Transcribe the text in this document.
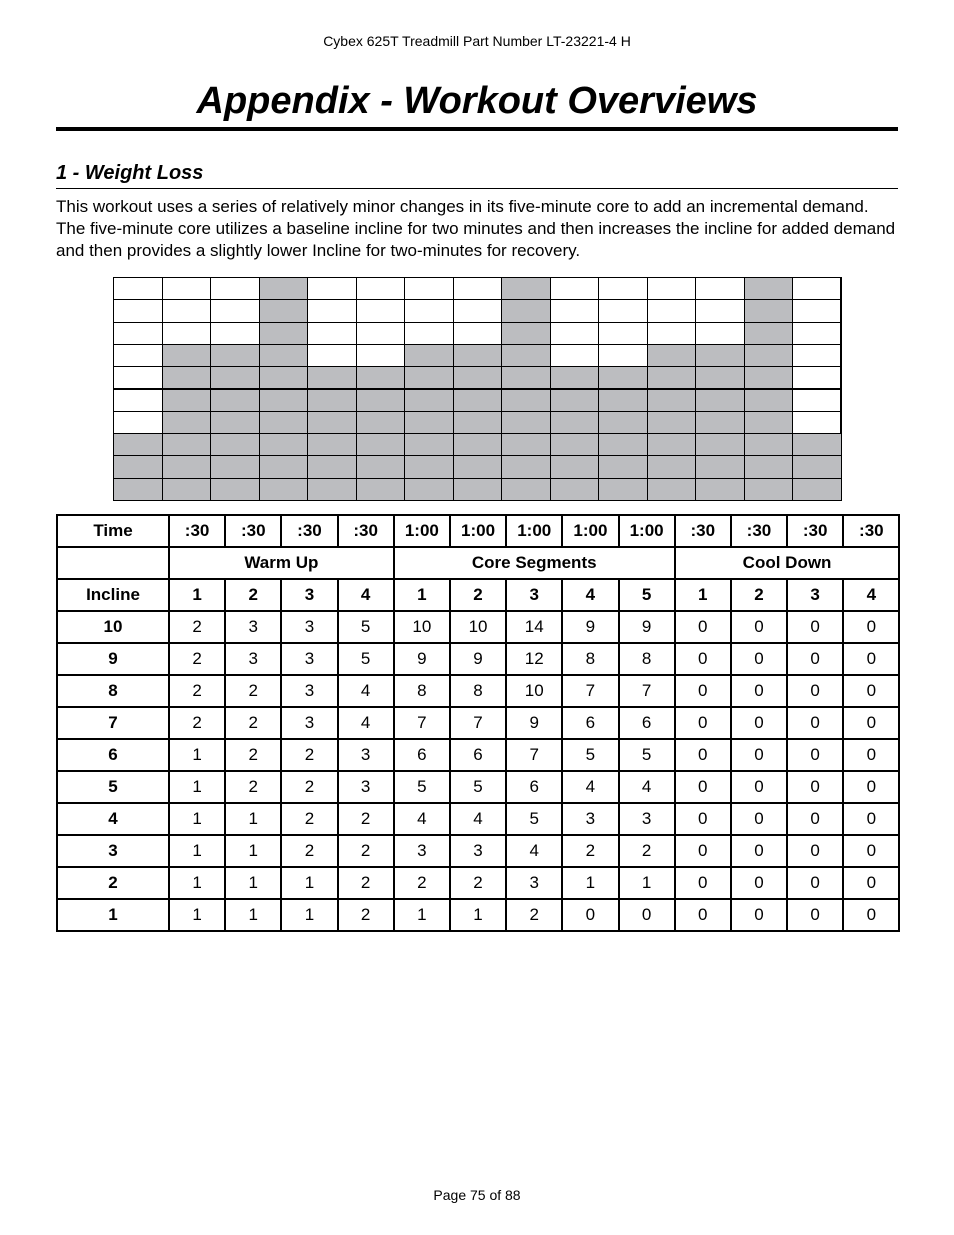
Cybex 625T Treadmill Part Number LT-23221-4 H
Appendix - Workout Overviews
1 - Weight Loss

This workout uses a series of relatively minor changes in its five-minute core to add an incremental demand. The five-minute core utilizes a baseline incline for two minutes and then increases the incline for added demand and then provides a slightly lower Incline for two-minutes for recovery.

Time	:30	:30	:30	:30	1:00	1:00	1:00	1:00	1:00	:30	:30	:30	:30
	Warm Up				Core Segments					Cool Down			
Incline	1	2	3	4	1	2	3	4	5	1	2	3	4
10	2	3	3	5	10	10	14	9	9	0	0	0	0
9	2	3	3	5	9	9	12	8	8	0	0	0	0
8	2	2	3	4	8	8	10	7	7	0	0	0	0
7	2	2	3	4	7	7	9	6	6	0	0	0	0
6	1	2	2	3	6	6	7	5	5	0	0	0	0
5	1	2	2	3	5	5	6	4	4	0	0	0	0
4	1	1	2	2	4	4	5	3	3	0	0	0	0
3	1	1	2	2	3	3	4	2	2	0	0	0	0
2	1	1	1	2	2	2	3	1	1	0	0	0	0
1	1	1	1	2	1	1	2	0	0	0	0	0	0
Page 75 of 88
